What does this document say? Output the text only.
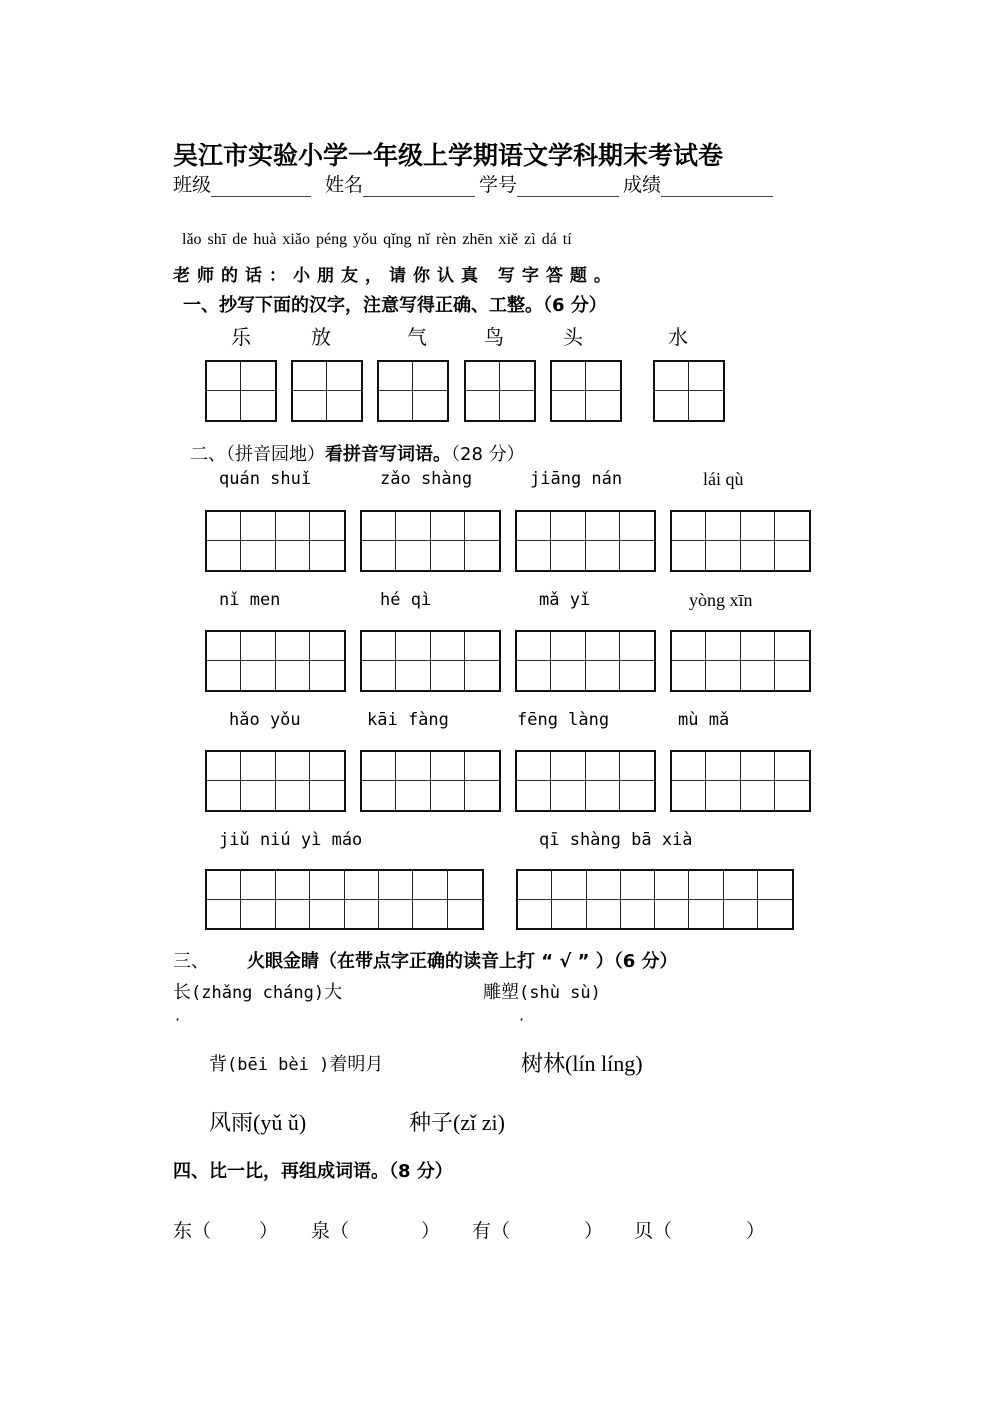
吴江市实验小学一年级上学期语文学科期末考试卷
班级	姓名	学号	成绩
lǎo shī de huà xiǎo péng yǒu qǐng nǐ rèn zhēn xiě zì dá tí
老师的话：小朋友，请你认真 写字答题。
一、抄写下面的汉字，注意写得正确、工整。（6 分）
乐	放	气	鸟	头	水
二、（拼音园地）看拼音写词语。（28 分）
quán shuǐ	zǎo shàng	jiāng nán	lái qù
nǐ men	hé qì	mǎ yǐ	yòng xīn
hǎo yǒu	kāi fàng	fēng làng	mù mǎ
jiǔ niú yì máo	qī shàng bā xià
三、 火眼金睛（在带点字正确的读音上打 “ √ ” ）（6 分）
长(zhǎng cháng)大	雕塑(shù sù)
·	·
背(bēi bèi )着明月	树林(lín líng)
风雨(yǔ ǔ)	种子(zǐ zi)
四、比一比，再组成词语。（8 分）
东（	） 泉（	） 有（	） 贝（	）
